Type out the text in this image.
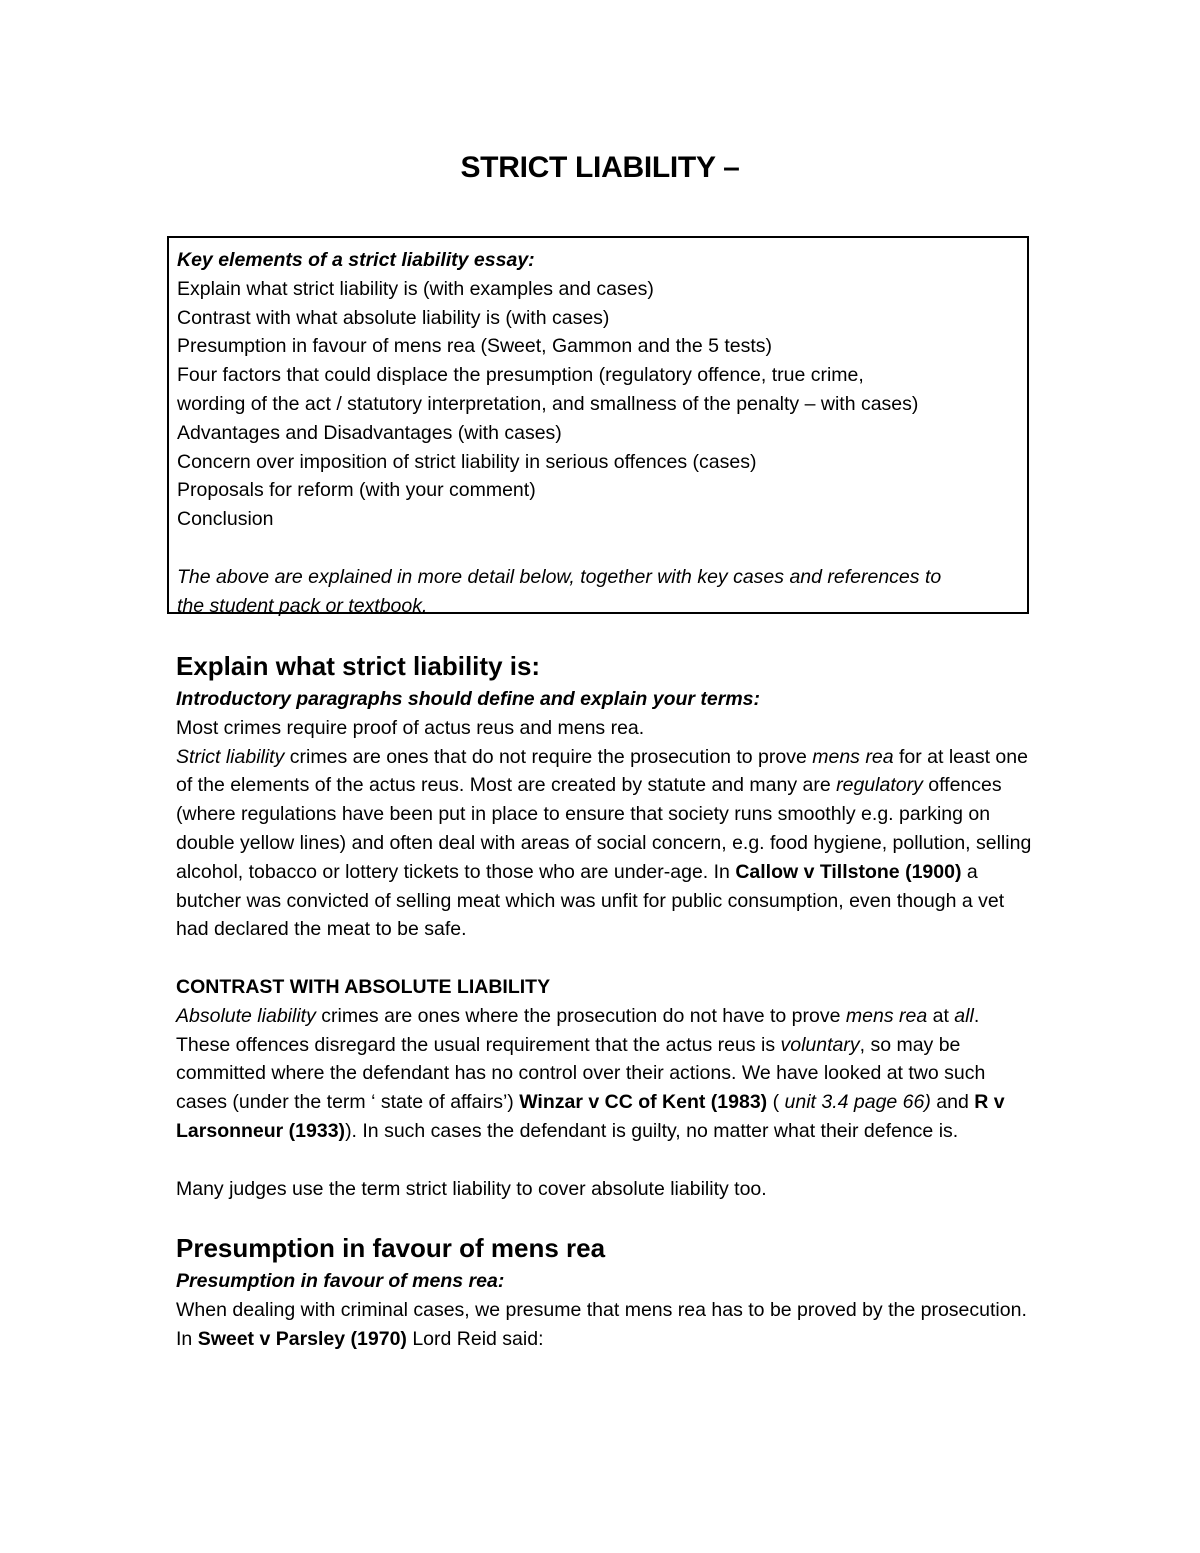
STRICT LIABILITY –
Key elements of a strict liability essay:
Explain what strict liability is (with examples and cases)
Contrast with what absolute liability is (with cases)
Presumption in favour of mens rea (Sweet, Gammon and the 5 tests)
Four factors that could displace the presumption (regulatory offence, true crime,
wording of the act / statutory interpretation, and smallness of the penalty – with cases)
Advantages and Disadvantages (with cases)
Concern over imposition of strict liability in serious offences (cases)
Proposals for reform (with your comment)
Conclusion
The above are explained in more detail below, together with key cases and references to
the student pack or textbook.
Explain what strict liability is:

Introductory paragraphs should define and explain your terms:

Most crimes require proof of actus reus and mens rea.

Strict liability crimes are ones that do not require the prosecution to prove mens rea for at least one of the elements of the actus reus. Most are created by statute and many are regulatory offences (where regulations have been put in place to ensure that society runs smoothly e.g. parking on double yellow lines) and often deal with areas of social concern, e.g. food hygiene, pollution, selling alcohol, tobacco or lottery tickets to those who are under-age. In Callow v Tillstone (1900) a butcher was convicted of selling meat which was unfit for public consumption, even though a vet had declared the meat to be safe.

CONTRAST WITH ABSOLUTE LIABILITY

Absolute liability crimes are ones where the prosecution do not have to prove mens rea at all. These offences disregard the usual requirement that the actus reus is voluntary, so may be committed where the defendant has no control over their actions. We have looked at two such cases (under the term ‘ state of affairs’) Winzar v CC of Kent (1983) ( unit 3.4 page 66) and R v Larsonneur (1933)). In such cases the defendant is guilty, no matter what their defence is.

Many judges use the term strict liability to cover absolute liability too.

Presumption in favour of mens rea

Presumption in favour of mens rea:

When dealing with criminal cases, we presume that mens rea has to be proved by the prosecution. In Sweet v Parsley (1970) Lord Reid said:
